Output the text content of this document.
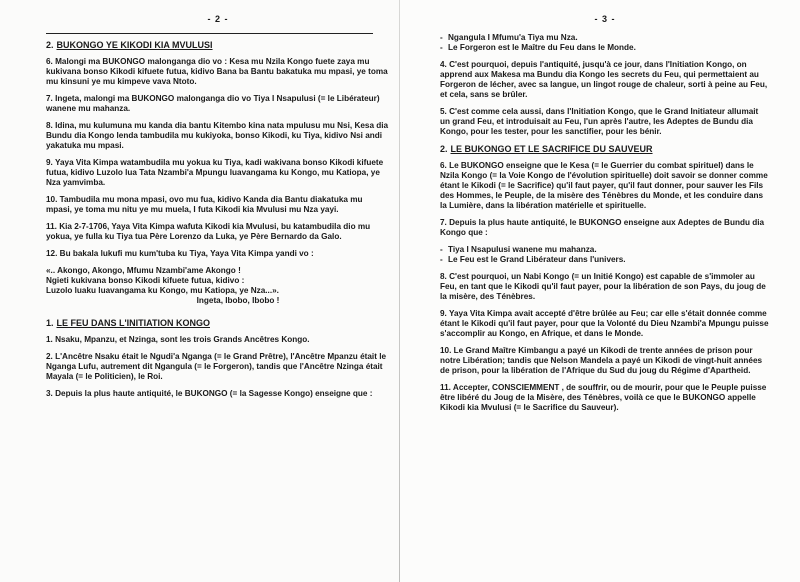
- 2 -
2. BUKONGO YE KIKODI KIA MVULUSI

6. Malongi ma BUKONGO malonganga dio vo : Kesa mu Nzila Kongo fuete zaya mu kukivana bonso Kikodi kifuete futua, kidivo Bana ba Bantu bakatuka mu mpasi, ye toma mu kinsuni ye mu kimpeve vava Ntoto.

7. Ingeta, malongi ma BUKONGO malonganga dio vo Tiya I Nsapulusi (= le Libérateur) wanene mu mahanza.

8. Idina, mu kulumuna mu kanda dia bantu Kitembo kina nata mpulusu mu Nsi, Kesa dia Bundu dia Kongo lenda tambudila mu kukiyoka, bonso Kikodi, ku Tiya, kidivo Nsi andi yakatuka mu mpasi.

9. Yaya Vita Kimpa watambudila mu yokua ku Tiya, kadi wakivana bonso Kikodi kifuete futua, kidivo Luzolo lua Tata Nzambi'a Mpungu luavangama ku Kongo, mu Katiopa, ye Nza yamvimba.

10. Tambudila mu mona mpasi, ovo mu fua, kidivo Kanda dia Bantu diakatuka mu mpasi, ye toma mu nitu ye mu muela, I futa Kikodi kia Mvulusi mu Nza yayi.

11. Kia 2-7-1706, Yaya Vita Kimpa wafuta Kikodi kia Mvulusi, bu katambudila dio mu yokua, ye fulla ku Tiya tua Père Lorenzo da Luka, ye Père Bernardo da Galo.

12. Bu bakala lukufi mu kum'tuba ku Tiya, Yaya Vita Kimpa yandi vo :

«.. Akongo, Akongo, Mfumu Nzambi'ame Akongo !
Ngieti kukivana bonso Kikodi kifuete futua, kidivo :
Luzolo luaku luavangama ku Kongo, mu Katiopa, ye Nza...».
Ingeta, Ibobo, Ibobo !
1. LE FEU DANS L'INITIATION KONGO

1. Nsaku, Mpanzu, et Nzinga, sont les trois Grands Ancêtres Kongo.

2. L'Ancêtre Nsaku était le Ngudi'a Nganga (= le Grand Prêtre), l'Ancêtre Mpanzu était le Nganga Lufu, autrement dit Ngangula (= le Forgeron), tandis que l'Ancêtre Nzinga était Mayala (= le Politicien), le Roi.

3. Depuis la plus haute antiquité, le BUKONGO (= la Sagesse Kongo) enseigne que :

- 3 -
- Ngangula I Mfumu'a Tiya mu Nza.
- Le Forgeron est le Maître du Feu dans le Monde.

4. C'est pourquoi, depuis l'antiquité, jusqu'à ce jour, dans l'Initiation Kongo, on apprend aux Makesa ma Bundu dia Kongo les secrets du Feu, qui permettaient au Forgeron de lécher, avec sa langue, un lingot rouge de chaleur, sorti à peine au Feu, et cela, sans se brûler.

5. C'est comme cela aussi, dans l'Initiation Kongo, que le Grand Initiateur allumait un grand Feu, et introduisait au Feu, l'un après l'autre, les Adeptes de Bundu dia Kongo, pour les tester, pour les sanctifier, pour les bénir.

2. LE BUKONGO ET LE SACRIFICE DU SAUVEUR

6. Le BUKONGO enseigne que le Kesa (= le Guerrier du combat spirituel) dans le Nzila Kongo (= la Voie Kongo de l'évolution spirituelle) doit savoir se donner comme étant le Kikodi (= le Sacrifice) qu'il faut payer, qu'il faut donner, pour sauver les Fils des Hommes, le Peuple, de la misère des Ténèbres du Monde, et les conduire dans la Lumière, dans la libération matérielle et spirituelle.

7. Depuis la plus haute antiquité, le BUKONGO enseigne aux Adeptes de Bundu dia Kongo que :

- Tiya I Nsapulusi wanene mu mahanza.
- Le Feu est le Grand Libérateur dans l'univers.

8. C'est pourquoi, un Nabi Kongo (= un Initié Kongo) est capable de s'immoler au Feu, en tant que le Kikodi qu'il faut payer, pour la libération de son Pays, du joug de la misère, des Ténèbres.

9. Yaya Vita Kimpa avait accepté d'être brûlée au Feu; car elle s'était donnée comme étant le Kikodi qu'il faut payer, pour que la Volonté du Dieu Nzambi'a Mpungu puisse s'accomplir au Kongo, en Afrique, et dans le Monde.

10. Le Grand Maître Kimbangu a payé un Kikodi de trente années de prison pour notre Libération; tandis que Nelson Mandela a payé un Kikodi de vingt-huit années de prison, pour la libération de l'Afrique du Sud du joug du Régime d'Apartheid.

11. Accepter, CONSCIEMMENT , de souffrir, ou de mourir, pour que le Peuple puisse être libéré du Joug de la Misère, des Ténèbres, voilà ce que le BUKONGO appelle Kikodi kia Mvulusi (= le Sacrifice du Sauveur).
